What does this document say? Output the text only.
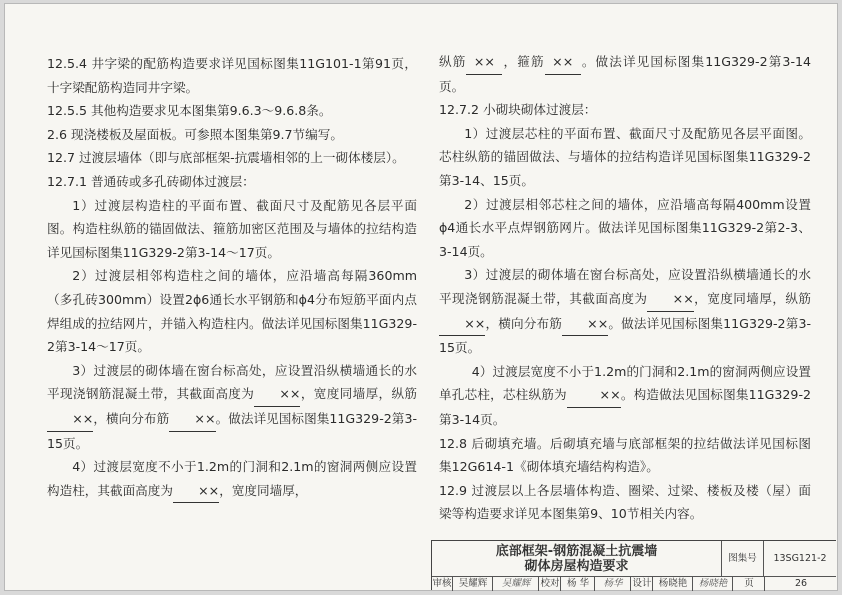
12.5.4 井字梁的配筋构造要求详见国标图集11G101-1第91页，十字梁配筋构造同井字梁。

12.5.5 其他构造要求见本图集第9.6.3～9.6.8条。

2.6 现浇楼板及屋面板。可参照本图集第9.7节编写。

12.7 过渡层墙体（即与底部框架-抗震墙相邻的上一砌体楼层）。

12.7.1 普通砖或多孔砖砌体过渡层：

1）过渡层构造柱的平面布置、截面尺寸及配筋见各层平面图。构造柱纵筋的锚固做法、箍筋加密区范围及与墙体的拉结构造详见国标图集11G329-2第3-14～17页。

2）过渡层相邻构造柱之间的墙体，应沿墙高每隔360mm（多孔砖300mm）设置2ϕ6通长水平钢筋和ϕ4分布短筋平面内点焊组成的拉结网片，并锚入构造柱内。做法详见国标图集11G329-2第3-14～17页。

3）过渡层的砌体墙在窗台标高处，应设置沿纵横墙通长的水平现浇钢筋混凝土带，其截面高度为 ××，宽度同墙厚，纵筋××，横向分布筋 ××。做法详见国标图集11G329-2第3-15页。

4）过渡层宽度不小于1.2m的门洞和2.1m的窗洞两侧应设置构造柱，其截面高度为 ××，宽度同墙厚，

纵筋 ×× ，箍筋 ×× 。做法详见国标图集11G329-2第3-14页。

12.7.2 小砌块砌体过渡层：

1）过渡层芯柱的平面布置、截面尺寸及配筋见各层平面图。芯柱纵筋的锚固做法、与墙体的拉结构造详见国标图集11G329-2第3-14、15页。

2）过渡层相邻芯柱之间的墙体，应沿墙高每隔400mm设置ϕ4通长水平点焊钢筋网片。做法详见国标图集11G329-2第2-3、3-14页。

3）过渡层的砌体墙在窗台标高处，应设置沿纵横墙通长的水平现浇钢筋混凝土带，其截面高度为 ××，宽度同墙厚，纵筋××，横向分布筋 ××。做法详见国标图集11G329-2第3-15页。

4）过渡层宽度不小于1.2m的门洞和2.1m的窗洞两侧应设置单孔芯柱，芯柱纵筋为	××。构造做法见国标图集11G329-2第3-14页。

12.8 后砌填充墙。后砌填充墙与底部框架的拉结做法详见国标图集12G614-1《砌体填充墙结构构造》。

12.9 过渡层以上各层墙体构造、圈梁、过梁、楼板及楼（屋）面梁等构造要求详见本图集第9、10节相关内容。

底部框架-钢筋混凝土抗震墙
砌体房屋构造要求
图集号	13SG121-2
审核 吴耀辉	吴耀辉	校对 杨 华	杨华	设计 杨晓艳	杨晓艳	页	26
